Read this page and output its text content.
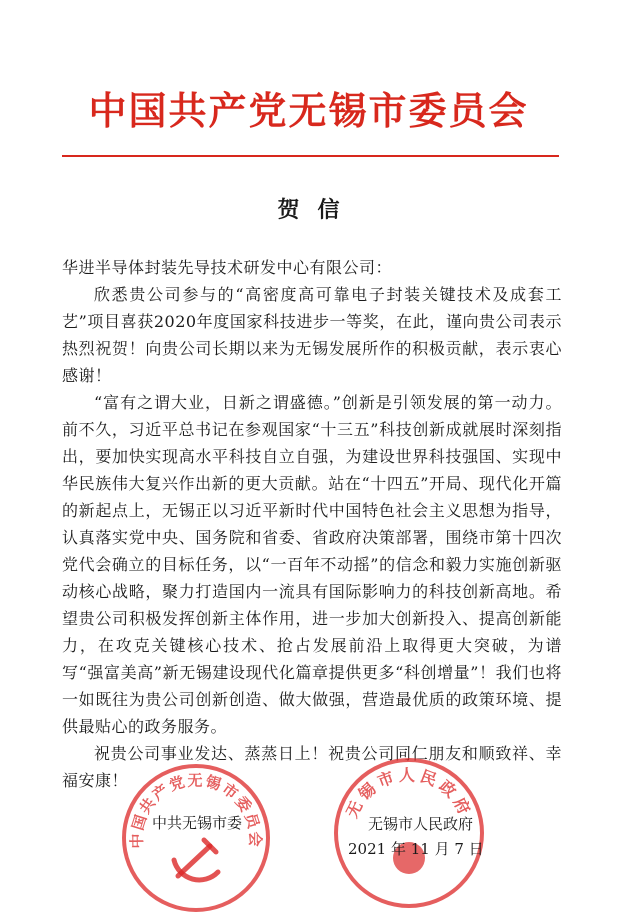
中国共产党无锡市委员会
贺信

华进半导体封装先导技术研发中心有限公司：

欣悉贵公司参与的“高密度高可靠电子封装关键技术及成套工艺”项目喜获2020年度国家科技进步一等奖，在此，谨向贵公司表示热烈祝贺！向贵公司长期以来为无锡发展所作的积极贡献，表示衷心感谢！

“富有之谓大业，日新之谓盛德。”创新是引领发展的第一动力。前不久，习近平总书记在参观国家“十三五”科技创新成就展时深刻指出，要加快实现高水平科技自立自强，为建设世界科技强国、实现中华民族伟大复兴作出新的更大贡献。站在“十四五”开局、现代化开篇的新起点上，无锡正以习近平新时代中国特色社会主义思想为指导，认真落实党中央、国务院和省委、省政府决策部署，围绕市第十四次党代会确立的目标任务，以“一百年不动摇”的信念和毅力实施创新驱动核心战略，聚力打造国内一流具有国际影响力的科技创新高地。希望贵公司积极发挥创新主体作用，进一步加大创新投入、提高创新能力，在攻克关键核心技术、抢占发展前沿上取得更大突破，为谱写“强富美高”新无锡建设现代化篇章提供更多“科创增量”！我们也将一如既往为贵公司创新创造、做大做强，营造最优质的政策环境、提供最贴心的政务服务。

祝贵公司事业发达、蒸蒸日上！祝贵公司同仁朋友和顺致祥、幸福安康！

中国共产党无锡市委员会
无锡市人民政府
中共无锡市委	无锡市人民政府
2021 年 11 月 7 日
